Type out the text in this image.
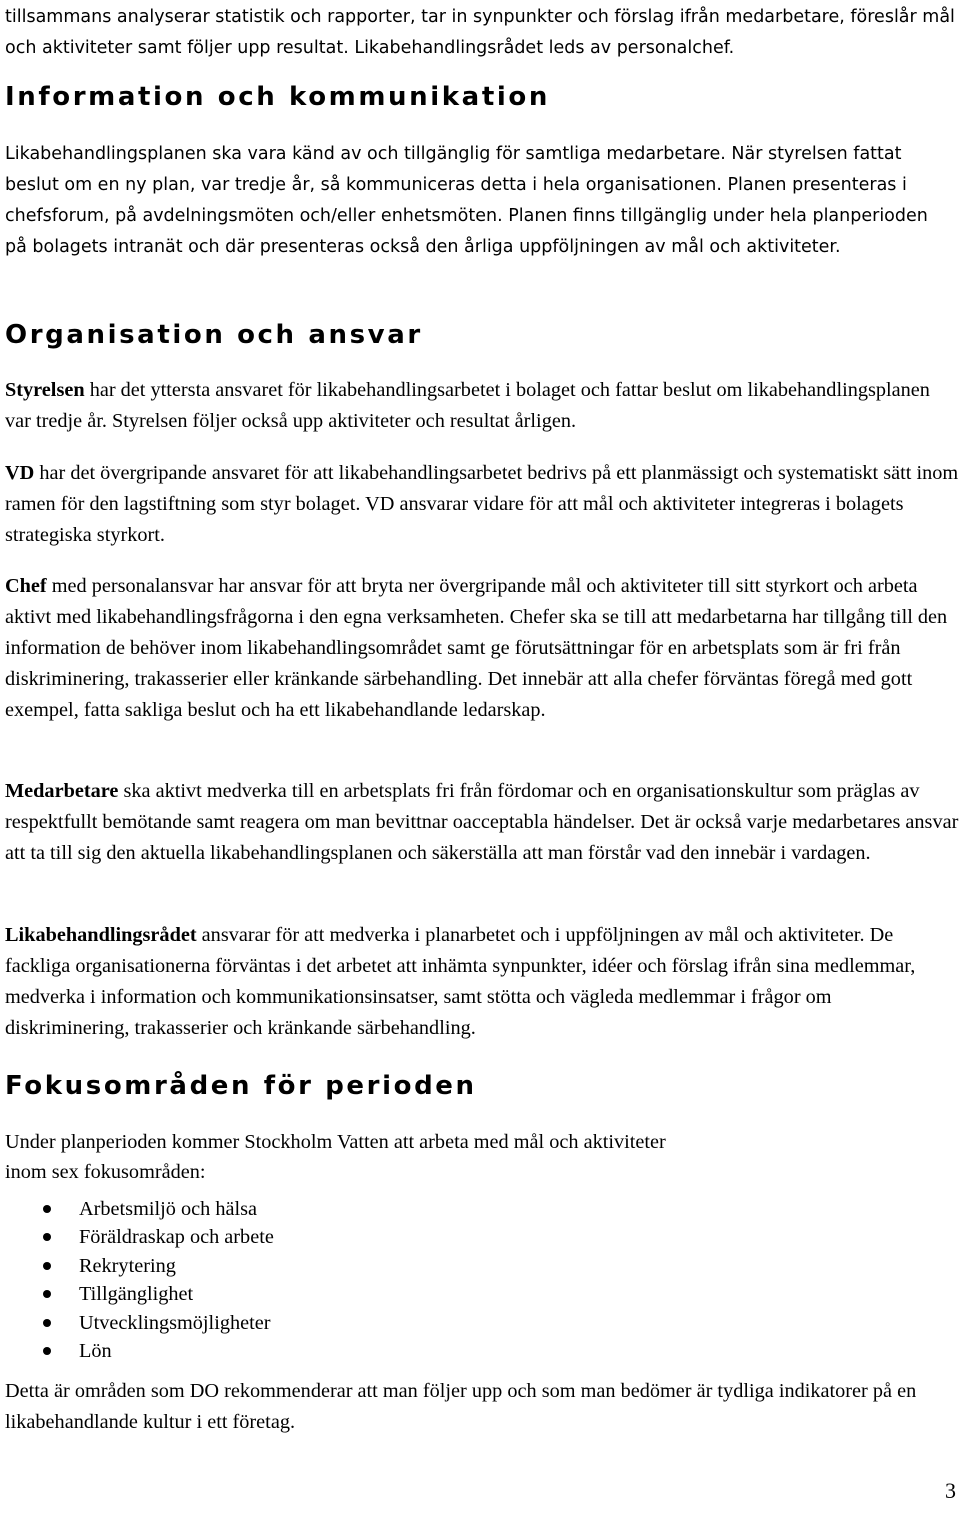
tillsammans analyserar statistik och rapporter, tar in synpunkter och förslag ifrån medarbetare, föreslår mål och aktiviteter samt följer upp resultat. Likabehandlingsrådet leds av personalchef.

Information och kommunikation

Likabehandlingsplanen ska vara känd av och tillgänglig för samtliga medarbetare. När styrelsen fattat beslut om en ny plan, var tredje år, så kommuniceras detta i hela organisationen. Planen presenteras i chefsforum, på avdelningsmöten och/eller enhetsmöten. Planen finns tillgänglig under hela planperioden på bolagets intranät och där presenteras också den årliga uppföljningen av mål och aktiviteter.

Organisation och ansvar

Styrelsen har det yttersta ansvaret för likabehandlingsarbetet i bolaget och fattar beslut om likabehandlingsplanen var tredje år. Styrelsen följer också upp aktiviteter och resultat årligen.

VD har det övergripande ansvaret för att likabehandlingsarbetet bedrivs på ett planmässigt och systematiskt sätt inom ramen för den lagstiftning som styr bolaget. VD ansvarar vidare för att mål och aktiviteter integreras i bolagets strategiska styrkort.

Chef med personalansvar har ansvar för att bryta ner övergripande mål och aktiviteter till sitt styrkort och arbeta aktivt med likabehandlingsfrågorna i den egna verksamheten. Chefer ska se till att medarbetarna har tillgång till den information de behöver inom likabehandlingsområdet samt ge förutsättningar för en arbetsplats som är fri från diskriminering, trakasserier eller kränkande särbehandling. Det innebär att alla chefer förväntas föregå med gott exempel, fatta sakliga beslut och ha ett likabehandlande ledarskap.

Medarbetare ska aktivt medverka till en arbetsplats fri från fördomar och en organisationskultur som präglas av respektfullt bemötande samt reagera om man bevittnar oacceptabla händelser. Det är också varje medarbetares ansvar att ta till sig den aktuella likabehandlingsplanen och säkerställa att man förstår vad den innebär i vardagen.

Likabehandlingsrådet ansvarar för att medverka i planarbetet och i uppföljningen av mål och aktiviteter. De fackliga organisationerna förväntas i det arbetet att inhämta synpunkter, idéer och förslag ifrån sina medlemmar, medverka i information och kommunikationsinsatser, samt stötta och vägleda medlemmar i frågor om diskriminering, trakasserier och kränkande särbehandling.

Fokusområden för perioden

Under planperioden kommer Stockholm Vatten att arbeta med mål och aktiviteter
inom sex fokusområden:

Arbetsmiljö och hälsa
Föräldraskap och arbete
Rekrytering
Tillgänglighet
Utvecklingsmöjligheter
Lön

Detta är områden som DO rekommenderar att man följer upp och som man bedömer är tydliga indikatorer på en likabehandlande kultur i ett företag.

3
